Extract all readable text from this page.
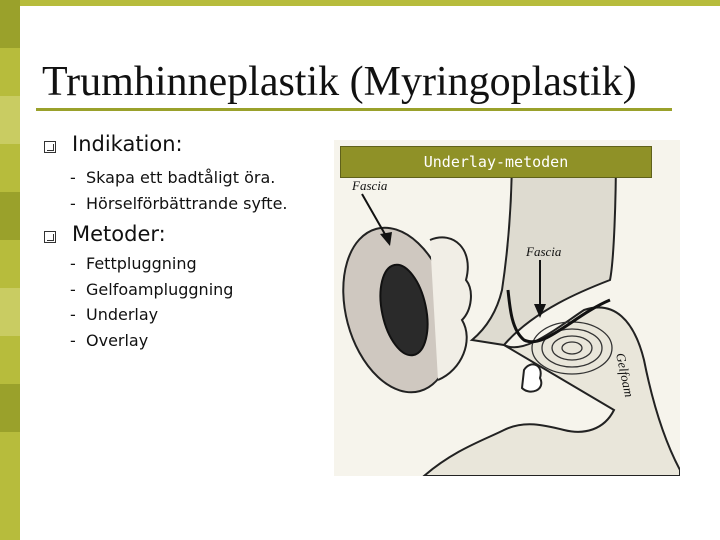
Trumhinneplastik (Myringoplastik)
Indikation:
- Skapa ett badtåligt öra.
- Hörselförbättrande syfte.
Metoder:
- Fettpluggning
- Gelfoampluggning
- Underlay
- Overlay
Fascia
Fascia
Gelfoam
Underlay-metoden
